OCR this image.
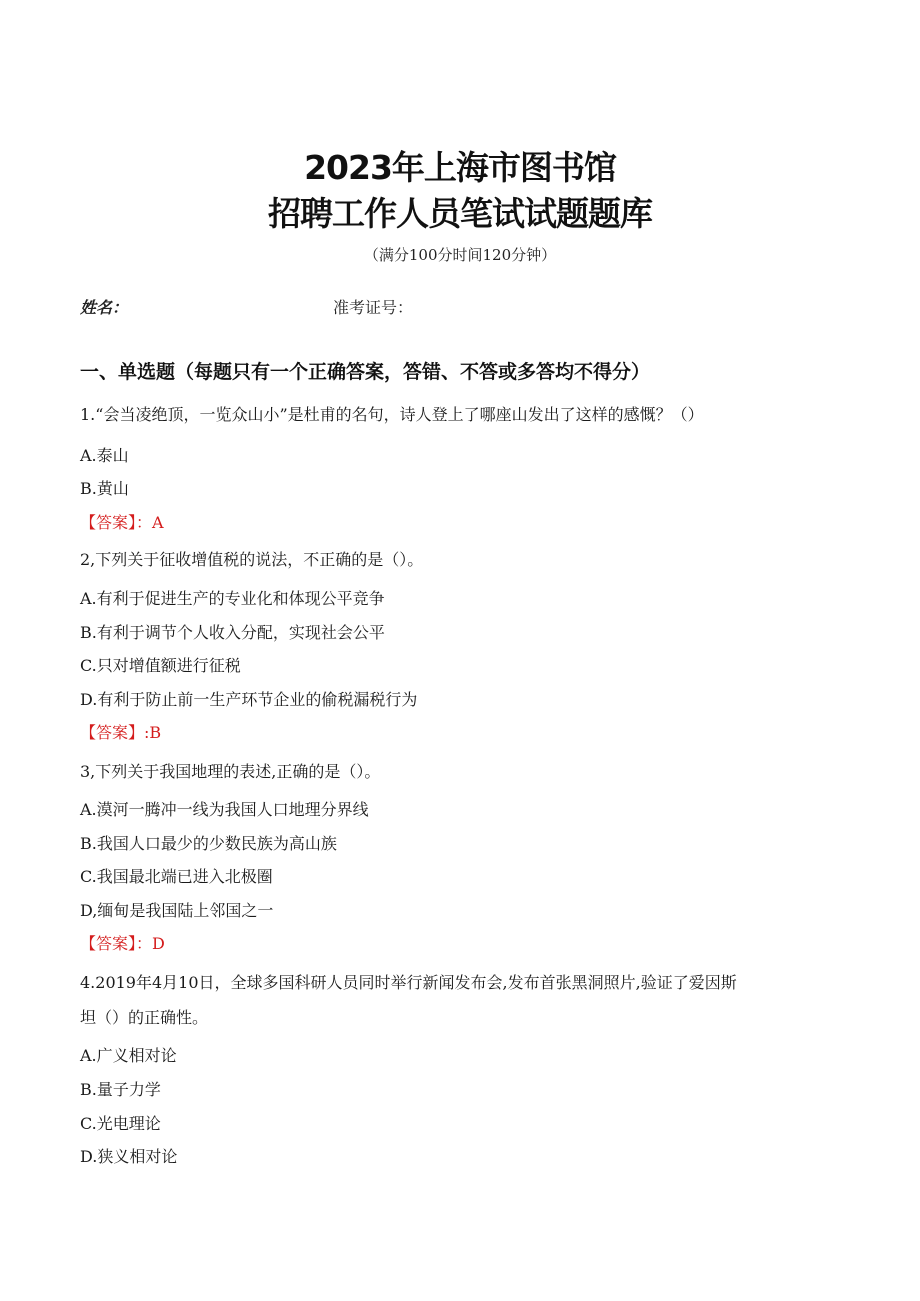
2023年上海市图书馆
招聘工作人员笔试试题题库
（满分100分时间120分钟）
姓名：	准考证号：
一、单选题（每题只有一个正确答案，答错、不答或多答均不得分）
1.“会当凌绝顶，一览众山小”是杜甫的名句，诗人登上了哪座山发出了这样的感慨？（）
A.泰山
B.黄山
【答案】：A
2,下列关于征收增值税的说法，不正确的是（）。
A.有利于促进生产的专业化和体现公平竞争
B.有利于调节个人收入分配，实现社会公平
C.只对增值额进行征税
D.有利于防止前一生产环节企业的偷税漏税行为
【答案】:B
3,下列关于我国地理的表述,正确的是（）。
A.漠河一腾冲一线为我国人口地理分界线
B.我国人口最少的少数民族为高山族
C.我国最北端已进入北极圈
D,缅甸是我国陆上邻国之一
【答案】：D
4.2019年4月10日，全球多国科研人员同时举行新闻发布会,发布首张黑洞照片,验证了爱因斯
坦（）的正确性。
A.广义相对论
B.量子力学
C.光电理论
D.狭义相对论
